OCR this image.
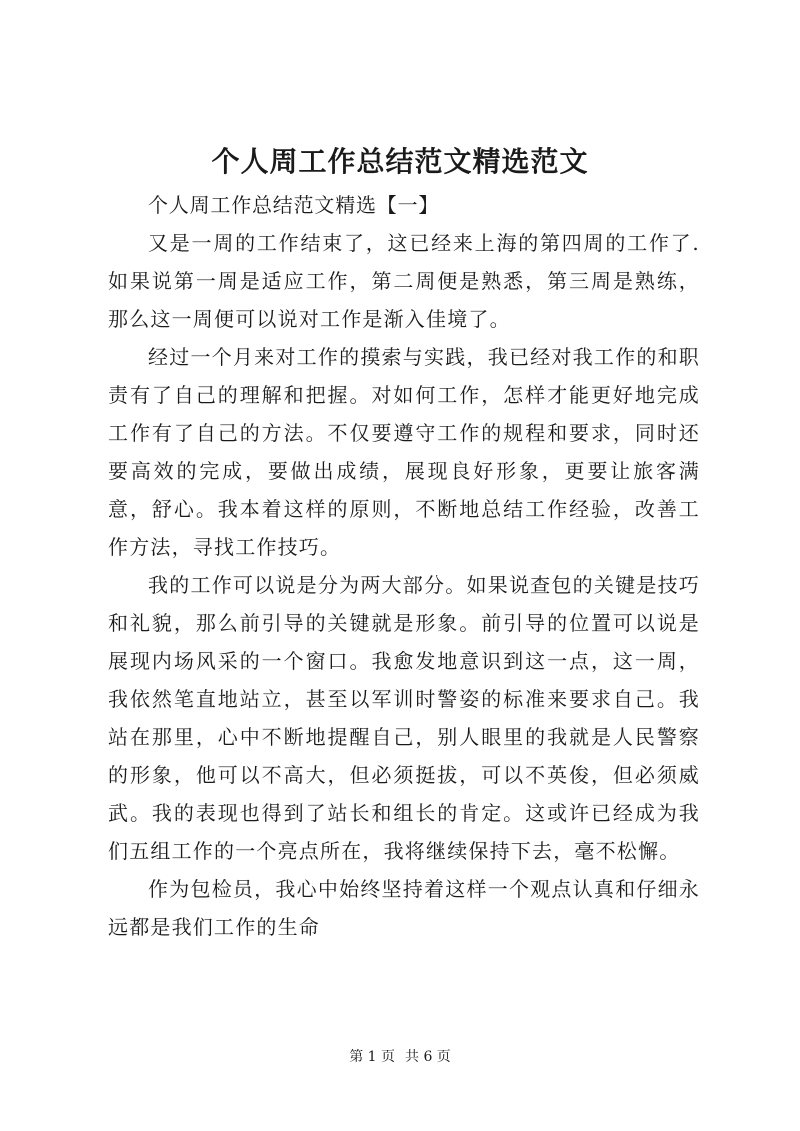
个人周工作总结范文精选范文

个人周工作总结范文精选【一】

又是一周的工作结束了，这已经来上海的第四周的工作了.如果说第一周是适应工作，第二周便是熟悉，第三周是熟练，那么这一周便可以说对工作是渐入佳境了。

经过一个月来对工作的摸索与实践，我已经对我工作的和职责有了自己的理解和把握。对如何工作，怎样才能更好地完成工作有了自己的方法。不仅要遵守工作的规程和要求，同时还要高效的完成，要做出成绩，展现良好形象，更要让旅客满意，舒心。我本着这样的原则，不断地总结工作经验，改善工作方法，寻找工作技巧。

我的工作可以说是分为两大部分。如果说查包的关键是技巧和礼貌，那么前引导的关键就是形象。前引导的位置可以说是展现内场风采的一个窗口。我愈发地意识到这一点，这一周，我依然笔直地站立，甚至以军训时警姿的标准来要求自己。我站在那里，心中不断地提醒自己，别人眼里的我就是人民警察的形象，他可以不高大，但必须挺拔，可以不英俊，但必须威武。我的表现也得到了站长和组长的肯定。这或许已经成为我们五组工作的一个亮点所在，我将继续保持下去，毫不松懈。

作为包检员，我心中始终坚持着这样一个观点认真和仔细永远都是我们工作的生命

第 1 页 共 6 页
